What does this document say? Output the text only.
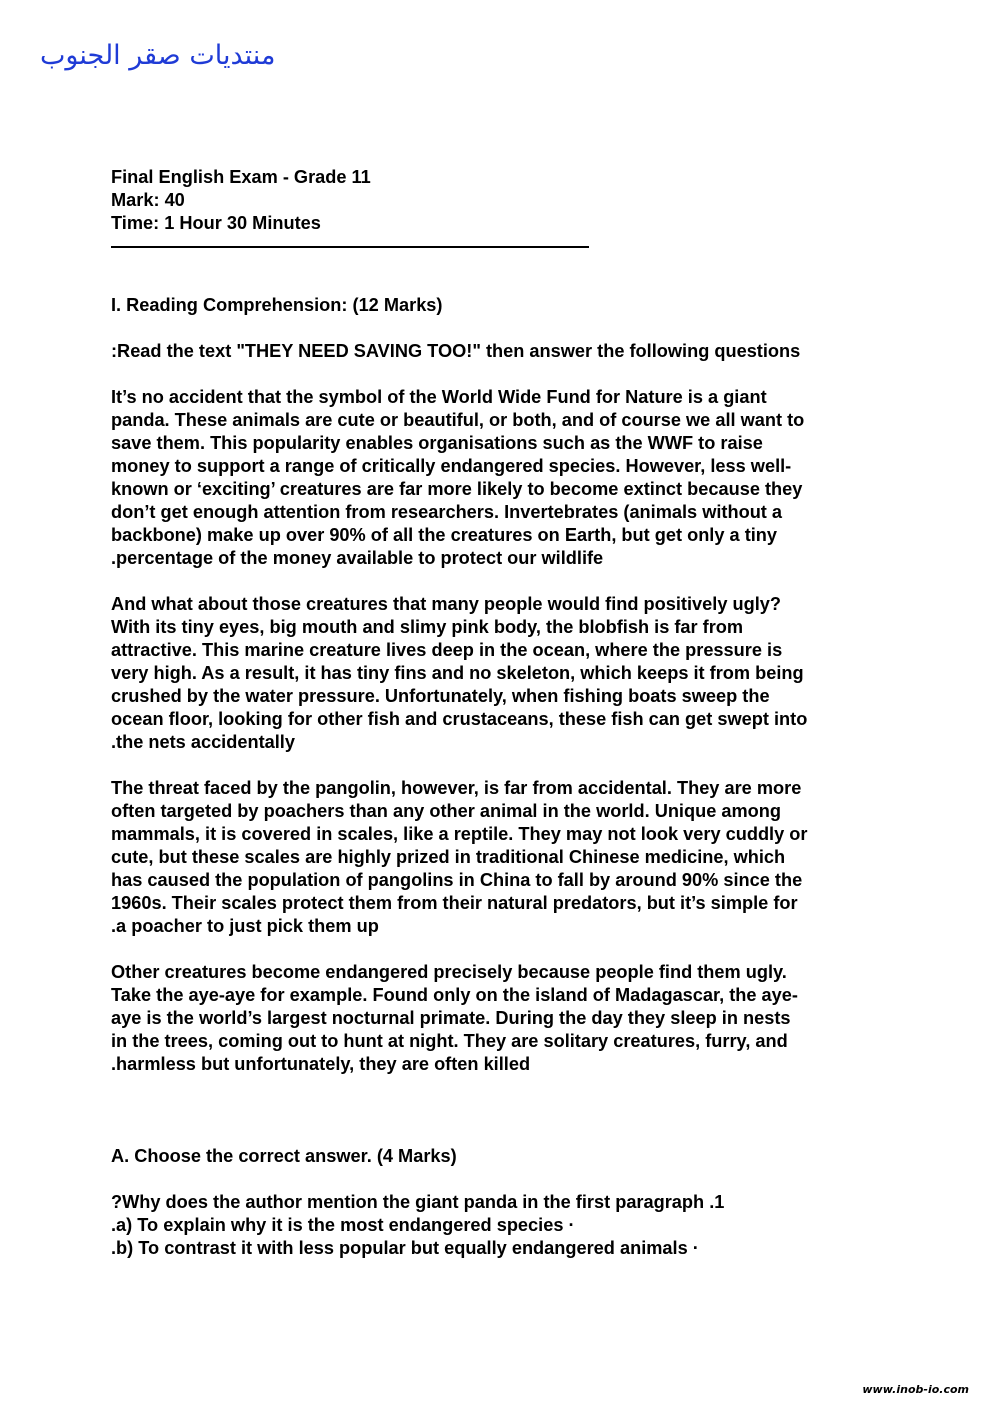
منتديات صقر الجنوب
Final English Exam - Grade 11
Mark: 40
Time: 1 Hour 30 Minutes

I. Reading Comprehension: (12 Marks)

:Read the text "THEY NEED SAVING TOO!" then answer the following questions

It’s no accident that the symbol of the World Wide Fund for Nature is a giant
panda. These animals are cute or beautiful, or both, and of course we all want to
save them. This popularity enables organisations such as the WWF to raise
money to support a range of critically endangered species. However, less well-
known or ‘exciting’ creatures are far more likely to become extinct because they
don’t get enough attention from researchers. Invertebrates (animals without a
backbone) make up over 90% of all the creatures on Earth, but get only a tiny
.percentage of the money available to protect our wildlife

And what about those creatures that many people would find positively ugly?
With its tiny eyes, big mouth and slimy pink body, the blobfish is far from
attractive. This marine creature lives deep in the ocean, where the pressure is
very high. As a result, it has tiny fins and no skeleton, which keeps it from being
crushed by the water pressure. Unfortunately, when fishing boats sweep the
ocean floor, looking for other fish and crustaceans, these fish can get swept into
.the nets accidentally

The threat faced by the pangolin, however, is far from accidental. They are more
often targeted by poachers than any other animal in the world. Unique among
mammals, it is covered in scales, like a reptile. They may not look very cuddly or
cute, but these scales are highly prized in traditional Chinese medicine, which
has caused the population of pangolins in China to fall by around 90% since the
1960s. Their scales protect them from their natural predators, but it’s simple for
.a poacher to just pick them up

Other creatures become endangered precisely because people find them ugly.
Take the aye-aye for example. Found only on the island of Madagascar, the aye-
aye is the world’s largest nocturnal primate. During the day they sleep in nests
in the trees, coming out to hunt at night. They are solitary creatures, furry, and
.harmless but unfortunately, they are often killed

A. Choose the correct answer. (4 Marks)

?Why does the author mention the giant panda in the first paragraph .1
.a) To explain why it is the most endangered species ·
.b) To contrast it with less popular but equally endangered animals ·

www.inob-io.com
